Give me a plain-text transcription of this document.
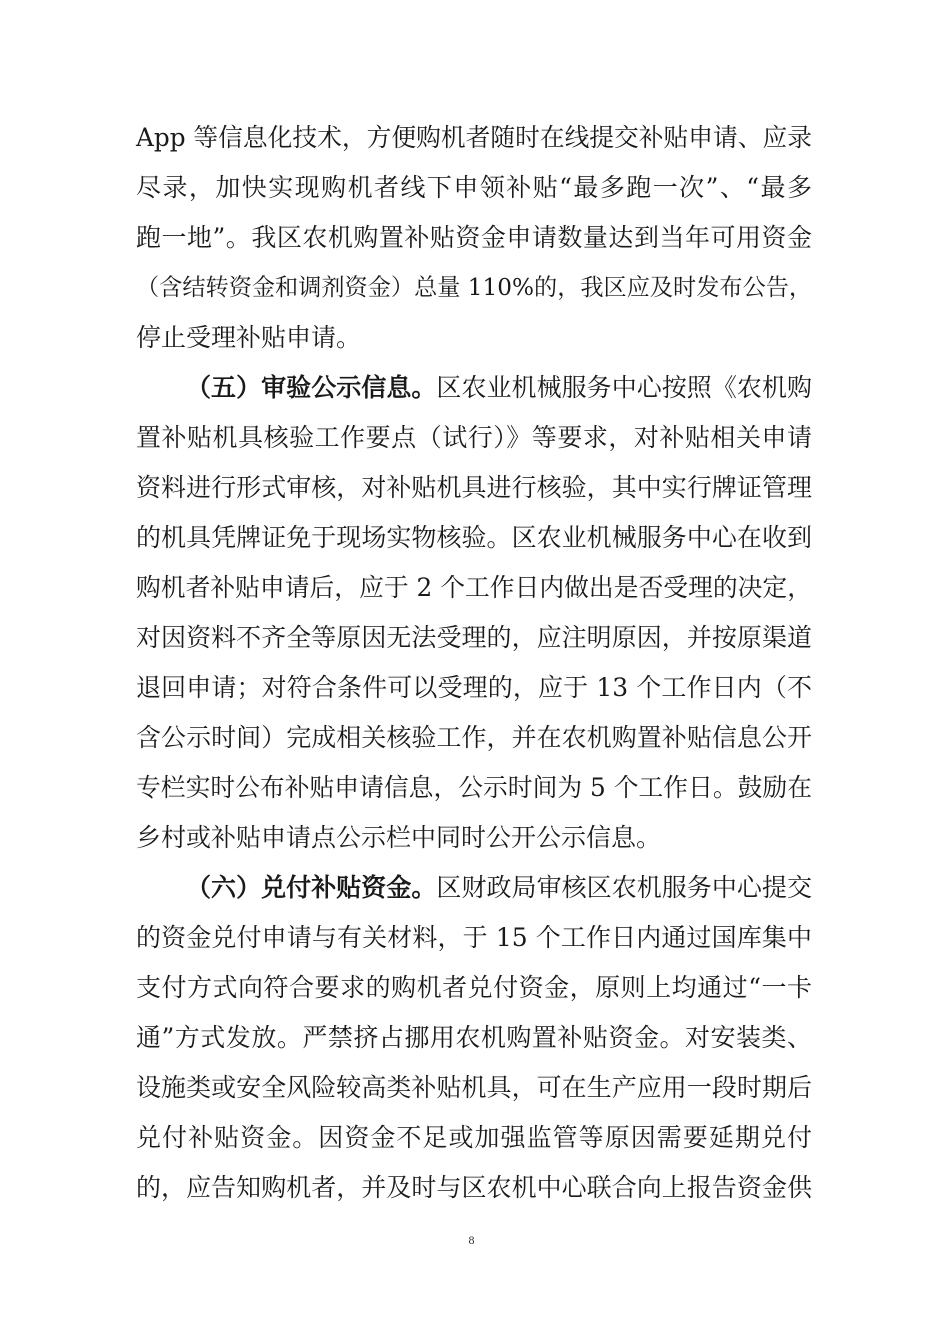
App 等信息化技术，方便购机者随时在线提交补贴申请、应录
尽录，加快实现购机者线下申领补贴“最多跑一次”、“最多
跑一地”。我区农机购置补贴资金申请数量达到当年可用资金
（含结转资金和调剂资金）总量 110%的，我区应及时发布公告，
停止受理补贴申请。
（五）审验公示信息。区农业机械服务中心按照《农机购
置补贴机具核验工作要点（试行）》等要求，对补贴相关申请
资料进行形式审核，对补贴机具进行核验，其中实行牌证管理
的机具凭牌证免于现场实物核验。区农业机械服务中心在收到
购机者补贴申请后，应于 2 个工作日内做出是否受理的决定，
对因资料不齐全等原因无法受理的，应注明原因，并按原渠道
退回申请；对符合条件可以受理的，应于 13 个工作日内（不
含公示时间）完成相关核验工作，并在农机购置补贴信息公开
专栏实时公布补贴申请信息，公示时间为 5 个工作日。鼓励在
乡村或补贴申请点公示栏中同时公开公示信息。
（六）兑付补贴资金。区财政局审核区农机服务中心提交
的资金兑付申请与有关材料，于 15 个工作日内通过国库集中
支付方式向符合要求的购机者兑付资金，原则上均通过“一卡
通”方式发放。严禁挤占挪用农机购置补贴资金。对安装类、
设施类或安全风险较高类补贴机具，可在生产应用一段时期后
兑付补贴资金。因资金不足或加强监管等原因需要延期兑付
的，应告知购机者，并及时与区农机中心联合向上报告资金供
8
